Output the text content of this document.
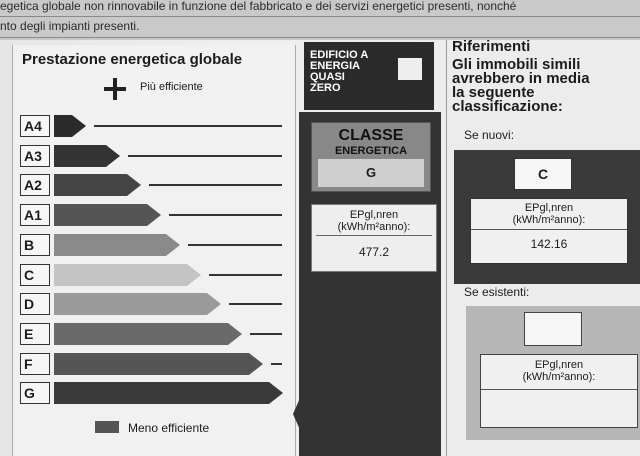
egetica globale non rinnovabile in funzione del fabbricato e dei servizi energetici presenti, nonché
nto degli impianti presenti.
Prestazione energetica globale
Più efficiente
A4
A3
A2
A1
B
C
D
E
F
G
Meno efficiente
EDIFICIO A
ENERGIA
QUASI
ZERO
CLASSE
ENERGETICA
G
EPgl,nren
(kWh/m²anno):
477.2
Riferimenti
Gli immobili simili
avrebbero in media
la seguente
classificazione:
Se nuovi:
C
EPgl,nren
(kWh/m²anno):
142.16
Se esistenti:
EPgl,nren
(kWh/m²anno):
